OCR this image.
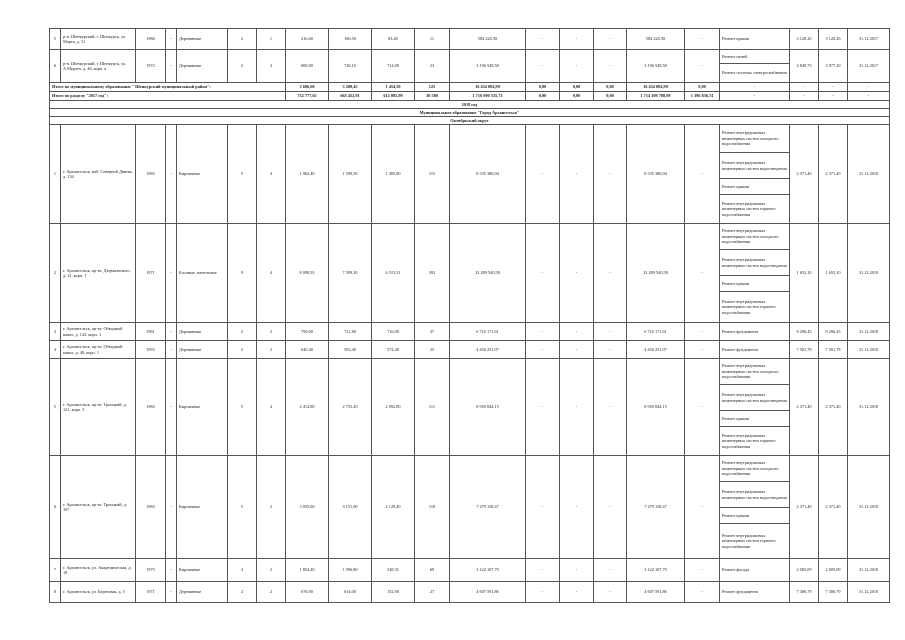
5	р-н. Шенкурский, г. Шенкурск, ул. Марта, д. 31	1960	-	Деревянные	2	1	216,60	160,50	83,40	11	584 226,58	-	-	-	584 226,58	-	Ремонт крыши	3 120,26	3 120,26	31.12.2017
6	р-н. Шенкурский, г. Шенкурск, ул. А.Мурата, д. 46, корп. а	1972	-	Деревянные	2	3	800,00	728,10	714,00	23	3 196 549,58	-	-	-	3 196 549,58	-	Ремонт печей
Ремонт системы электроснабжения	4 849,73	3 977,20	31.12.2017
Итого по муниципальному образованию " Шенкурский муниципальный район":							3 606,60	3 208,45	1 454,50	125	16 434 084,99	0,00	0,00	0,00	16 434 084,99	0,00	-	-	-	-
Итого по разделу "2017 год":							732 777,65	665 452,91	612 085,09	30 580	1 716 090 535,73	0,00	0,00	0,00	1 714 109 788,09	1 396 836,74	-	-	-	-
2018 год																				
Муниципальное образование "Город Архангельск"																				
Октябрьский округ																				
1	г. Архангельск, наб. Северной Двины, д. 134	1965	-	Кирпичные	5	4	1 962,40	1 599,50	1 485,80	115	8 535 380,04	-	-	-	8 535 380,04	-	Ремонт внутридомовых инженерных систем холодного водоснабжения
Ремонт внутридомовых инженерных систем водоотведения
Ремонт крыши
Ремонт внутридомовых инженерных систем горячего водоснабжения	2 371,40	2 371,40	31.12.2018
2	г. Архангельск, пр-кт. Дзержинского, д. 21, корп. 1	1971	-	Блочные, панельные	9	4	8 098,93	7 399,30	6 515,21	392	32 289 540,58	-	-	-	32 289 540,58	-	Ремонт внутридомовых инженерных систем холодного водоснабжения
Ремонт внутридомовых инженерных систем водоотведения
Ремонт крыши
Ремонт внутридомовых инженерных систем горячего водоснабжения	1 652,10	1 652,10	31.12.2018
3	г. Архангельск, пр-кт. Обводный канал, д. 143, корп. 1	1961	-	Деревянные	2	2	790,00	721,80	716,00	37	6 710 171,61	-	-	-	6 710 171,61	-	Ремонт фундамента	9 296,45	9 296,45	31.12.2018
4	г. Архангельск, пр-кт. Обводный канал, д. 48, корп. 1	1955	-	Деревянные	2	2	640,40	593,40	572,40	25	4 456 251,07	-	-	-	4 456 251,07	-	Ремонт фундамента	7 501,78	7 501,78	31.12.2018
5	г. Архангельск, пр-кт. Троицкий, д. 121, корп. 5	1965	-	Кирпичные	5	4	2 414,80	2 755,20	2 092,80	111	8 950 844,15	-	-	-	8 950 844,15	-	Ремонт внутридомовых инженерных систем холодного водоснабжения
Ремонт внутридомовых инженерных систем водоотведения
Ремонт крыши
Ремонт внутридомовых инженерных систем горячего водоснабжения	2 371,40	2 371,40	31.12.2018
6	г. Архангельск, пр-кт. Троицкий, д. 167	1965	-	Кирпичные	5	2	3 055,60	3 151,90	2 129,40	118	7 479 158,47	-	-	-	7 479 158,47	-	Ремонт внутридомовых инженерных систем холодного водоснабжения
Ремонт внутридомовых инженерных систем водоотведения
Ремонт крыши
Ремонт внутридомовых инженерных систем горячего водоснабжения	2 371,40	2 371,40	31.12.2018
7	г. Архангельск, ул. Академическая, д. 18	1975	-	Кирпичные	4	2	1 854,40	1 596,80	548,31	69	3 122 107,79	-	-	-	3 122 107,79	-	Ремонт фасада	2 005,09	2 005,09	31.12.2018
8	г. Архангельск, ул. Берёзовая, д. 5	1971	-	Деревянные	2	2	676,90	614,00	152,90	27	4 607 591,86	-	-	-	4 607 591,86	-	Ремонт фундамента	7 306,79	7 306,79	31.12.2018
